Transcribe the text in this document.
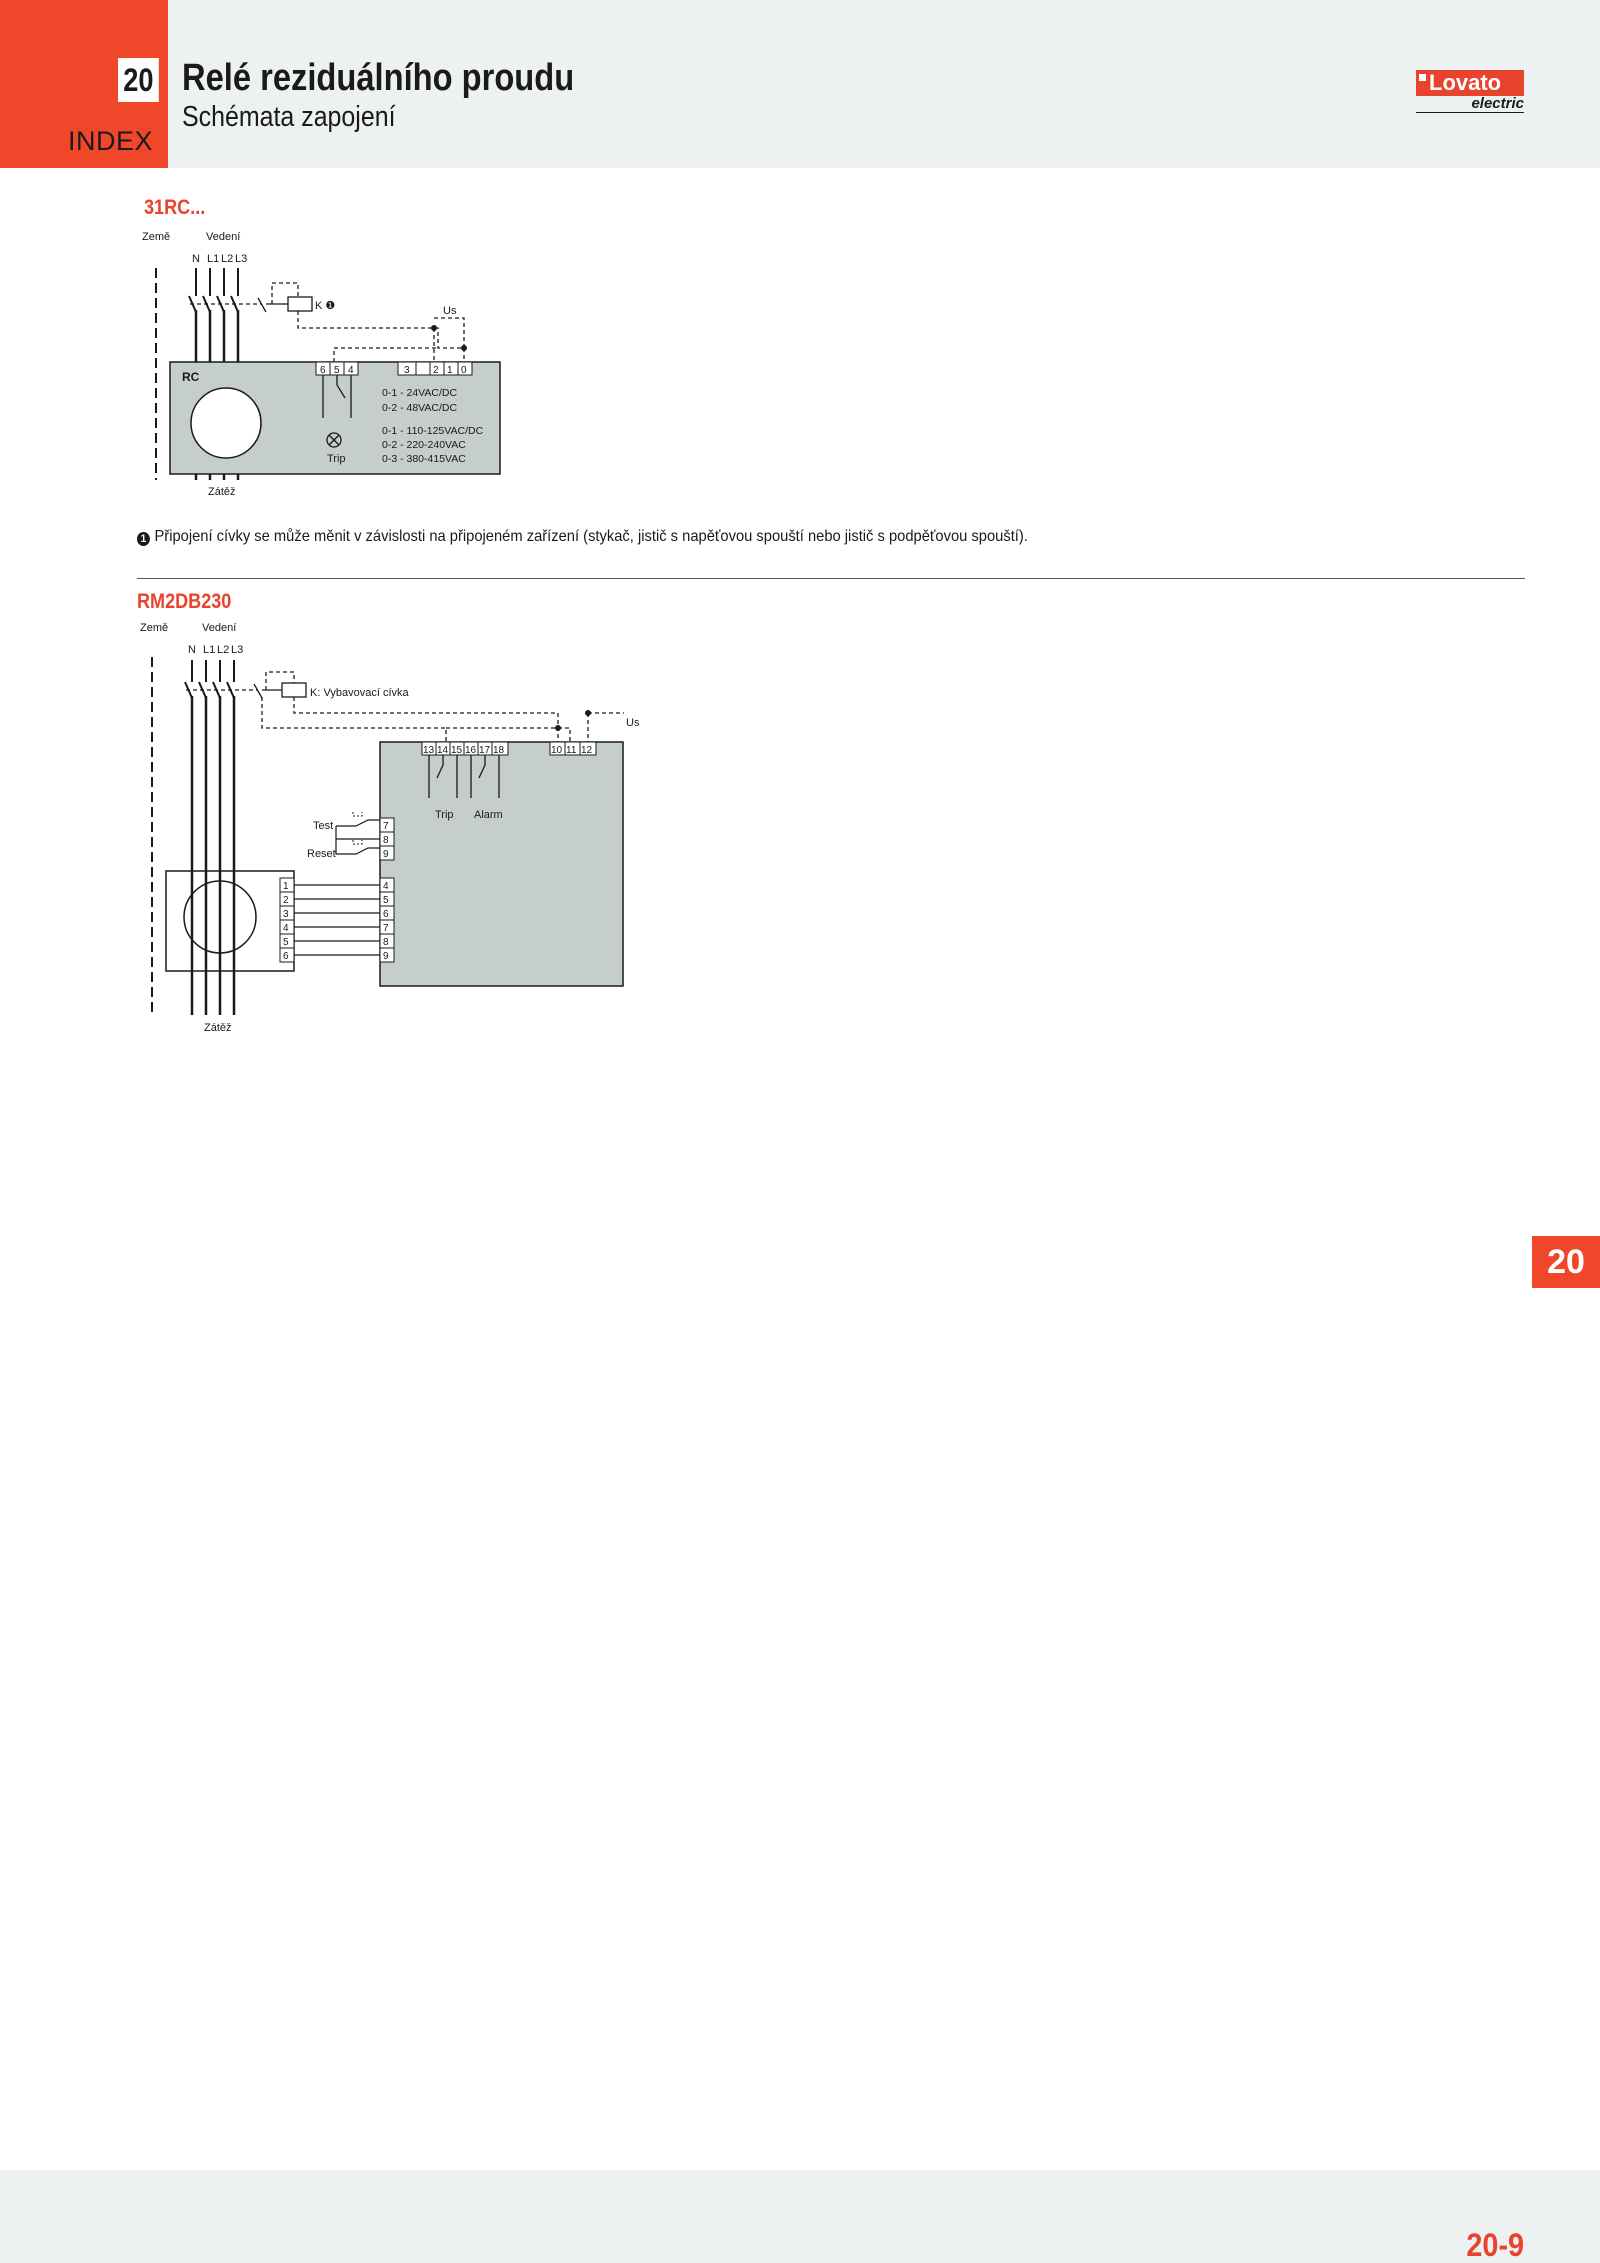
20
INDEX
Relé reziduálního proudu
Schémata zapojení
Lovato
electric
31RC...
RM2DB230
Země	Vedení
N L1 L2 L3
K ❶	Us
RC	6 5 4	3 2 1 0
0-1 - 24VAC/DC
0-2 - 48VAC/DC
0-1 - 110-125VAC/DC
0-2 - 220-240VAC
0-3 - 380-415VAC
Trip
Zátěž
Země	Vedení
N L1 L2 L3
K: Vybavovací cívka
Us
13 14 15 16 17 18	10 11 12
Trip Alarm
7
8
9
Test
Reset
4
5
6
7
8
9
1
2
3
4
5
6
Zátěž
1 Připojení cívky se může měnit v závislosti na připojeném zařízení (stykač, jistič s napěťovou spouští nebo jistič s podpěťovou spouští).
20
20-9
